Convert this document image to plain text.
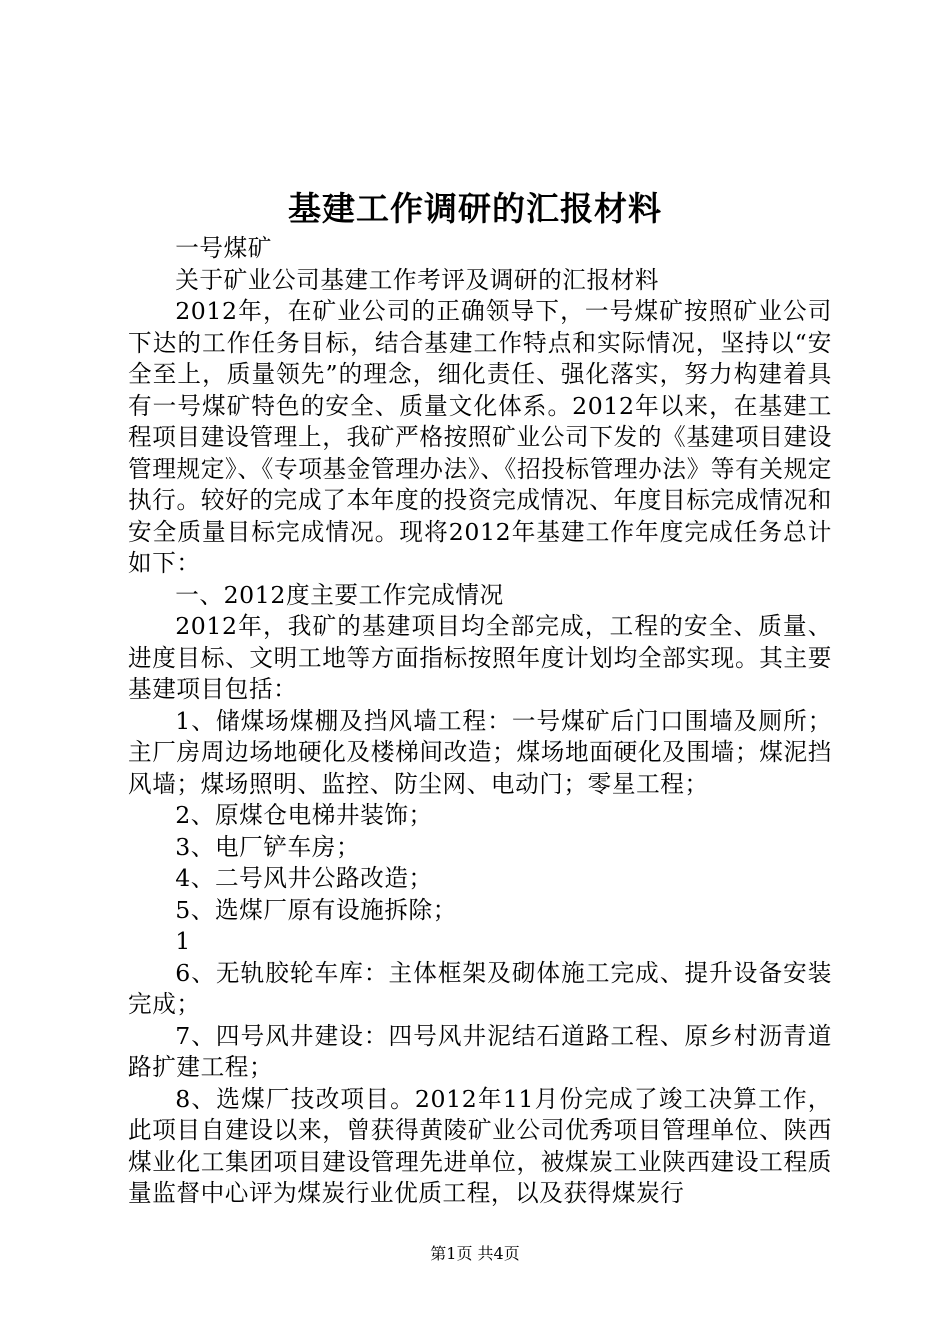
基建工作调研的汇报材料

一号煤矿

关于矿业公司基建工作考评及调研的汇报材料

2012年，在矿业公司的正确领导下，一号煤矿按照矿业公司下达的工作任务目标，结合基建工作特点和实际情况，坚持以“安全至上，质量领先”的理念，细化责任、强化落实，努力构建着具有一号煤矿特色的安全、质量文化体系。2012年以来，在基建工程项目建设管理上，我矿严格按照矿业公司下发的《基建项目建设管理规定》、《专项基金管理办法》、《招投标管理办法》等有关规定执行。较好的完成了本年度的投资完成情况、年度目标完成情况和安全质量目标完成情况。现将2012年基建工作年度完成任务总计如下：

一、2012度主要工作完成情况

2012年，我矿的基建项目均全部完成，工程的安全、质量、进度目标、文明工地等方面指标按照年度计划均全部实现。其主要基建项目包括：

1、储煤场煤棚及挡风墙工程：一号煤矿后门口围墙及厕所；主厂房周边场地硬化及楼梯间改造；煤场地面硬化及围墙；煤泥挡风墙；煤场照明、监控、防尘网、电动门；零星工程；

2、原煤仓电梯井装饰；

3、电厂铲车房；

4、二号风井公路改造；

5、选煤厂原有设施拆除；

1

6、无轨胶轮车库：主体框架及砌体施工完成、提升设备安装完成；

7、四号风井建设：四号风井泥结石道路工程、原乡村沥青道路扩建工程；

8、选煤厂技改项目。2012年11月份完成了竣工决算工作，此项目自建设以来，曾获得黄陵矿业公司优秀项目管理单位、陕西煤业化工集团项目建设管理先进单位，被煤炭工业陕西建设工程质量监督中心评为煤炭行业优质工程，以及获得煤炭行

第1页 共4页
